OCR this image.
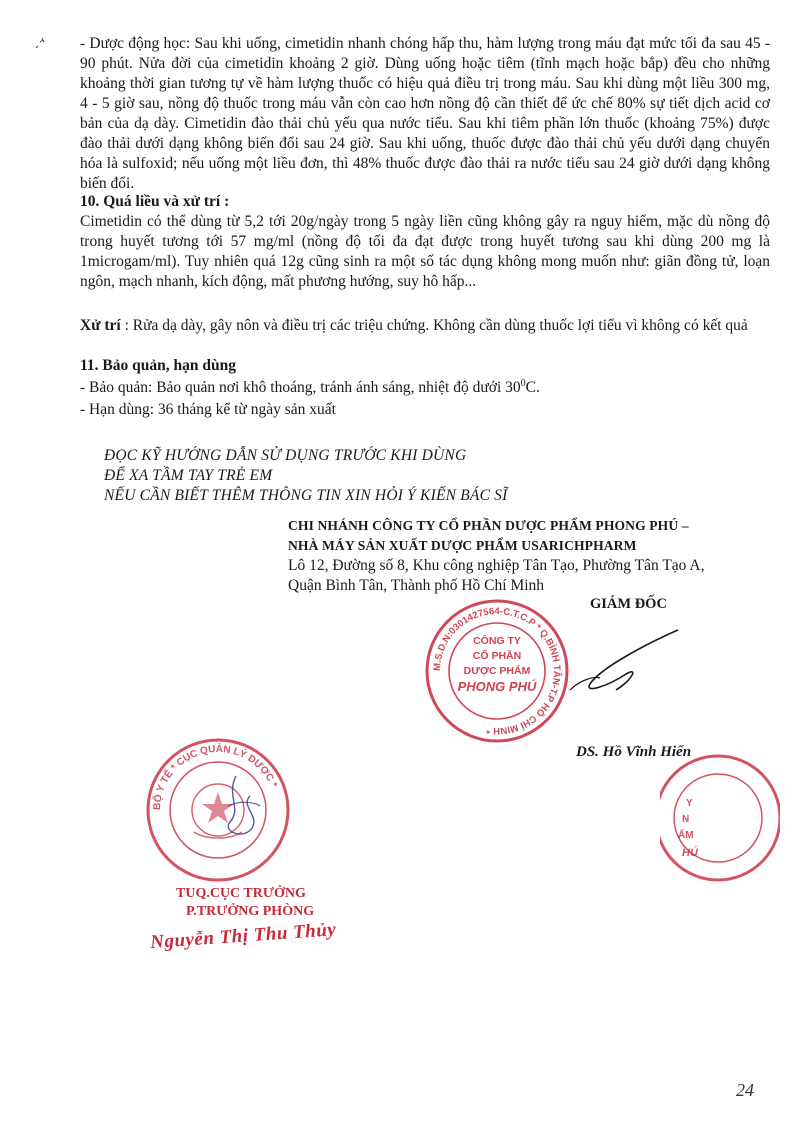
- Dược động học: Sau khi uống, cimetidin nhanh chóng hấp thu, hàm lượng trong máu đạt mức tối đa sau 45 - 90 phút. Nửa đời của cimetidin khoảng 2 giờ. Dùng uống hoặc tiêm (tĩnh mạch hoặc bắp) đều cho những khoảng thời gian tương tự về hàm lượng thuốc có hiệu quả điều trị trong máu. Sau khi dùng một liều 300 mg, 4 - 5 giờ sau, nồng độ thuốc trong máu vẫn còn cao hơn nồng độ cần thiết để ức chế 80% sự tiết dịch acid cơ bản của dạ dày. Cimetidin đào thải chủ yếu qua nước tiểu. Sau khi tiêm phần lớn thuốc (khoảng 75%) được đào thải dưới dạng không biến đổi sau 24 giờ. Sau khi uống, thuốc được đào thải chủ yếu dưới dạng chuyển hóa là sulfoxid; nếu uống một liều đơn, thì 48% thuốc được đào thải ra nước tiểu sau 24 giờ dưới dạng không biến đổi.

10. Quá liều và xử trí :

Cimetidin có thể dùng từ 5,2 tới 20g/ngày trong 5 ngày liền cũng không gây ra nguy hiểm, mặc dù nồng độ trong huyết tương tới 57 mg/ml (nồng độ tối đa đạt được trong huyết tương sau khi dùng 200 mg là 1microgam/ml). Tuy nhiên quá 12g cũng sinh ra một số tác dụng không mong muốn như: giãn đồng tử, loạn ngôn, mạch nhanh, kích động, mất phương hướng, suy hô hấp...

Xử trí : Rửa dạ dày, gây nôn và điều trị các triệu chứng. Không cần dùng thuốc lợi tiểu vì không có kết quả

11. Bảo quản, hạn dùng
- Bảo quản: Bảo quản nơi khô thoáng, tránh ánh sáng, nhiệt độ dưới $30^0C$.
- Hạn dùng: 36 tháng kể từ ngày sản xuất
ĐỌC KỸ HƯỚNG DẪN SỬ DỤNG TRƯỚC KHI DÙNG
ĐỂ XA TẦM TAY TRẺ EM
NẾU CẦN BIẾT THÊM THÔNG TIN XIN HỎI Ý KIẾN BÁC SĨ
CHI NHÁNH CÔNG TY CỔ PHẦN DƯỢC PHẨM PHONG PHÚ –
NHÀ MÁY SẢN XUẤT DƯỢC PHẨM USARICHPHARM
Lô 12, Đường số 8, Khu công nghiệp Tân Tạo, Phường Tân Tạo A,
Quận Bình Tân, Thành phố Hồ Chí Minh
GIÁM ĐỐC
M.S.D.N:0301427564-C.T.C.P * Q.BÌNH TÂN-T.P HỒ CHÍ MINH *
CÔNG TY
CỔ PHẦN
DƯỢC PHẨM
PHONG PHÚ
DS. Hồ Vĩnh Hiển
Y
N
ẨM
HÚ
BỘ Y TẾ * CỤC QUẢN LÝ DƯỢC *
TUQ.CỤC TRƯỞNG
P.TRƯỞNG PHÒNG
Nguyễn Thị Thu Thủy
24
